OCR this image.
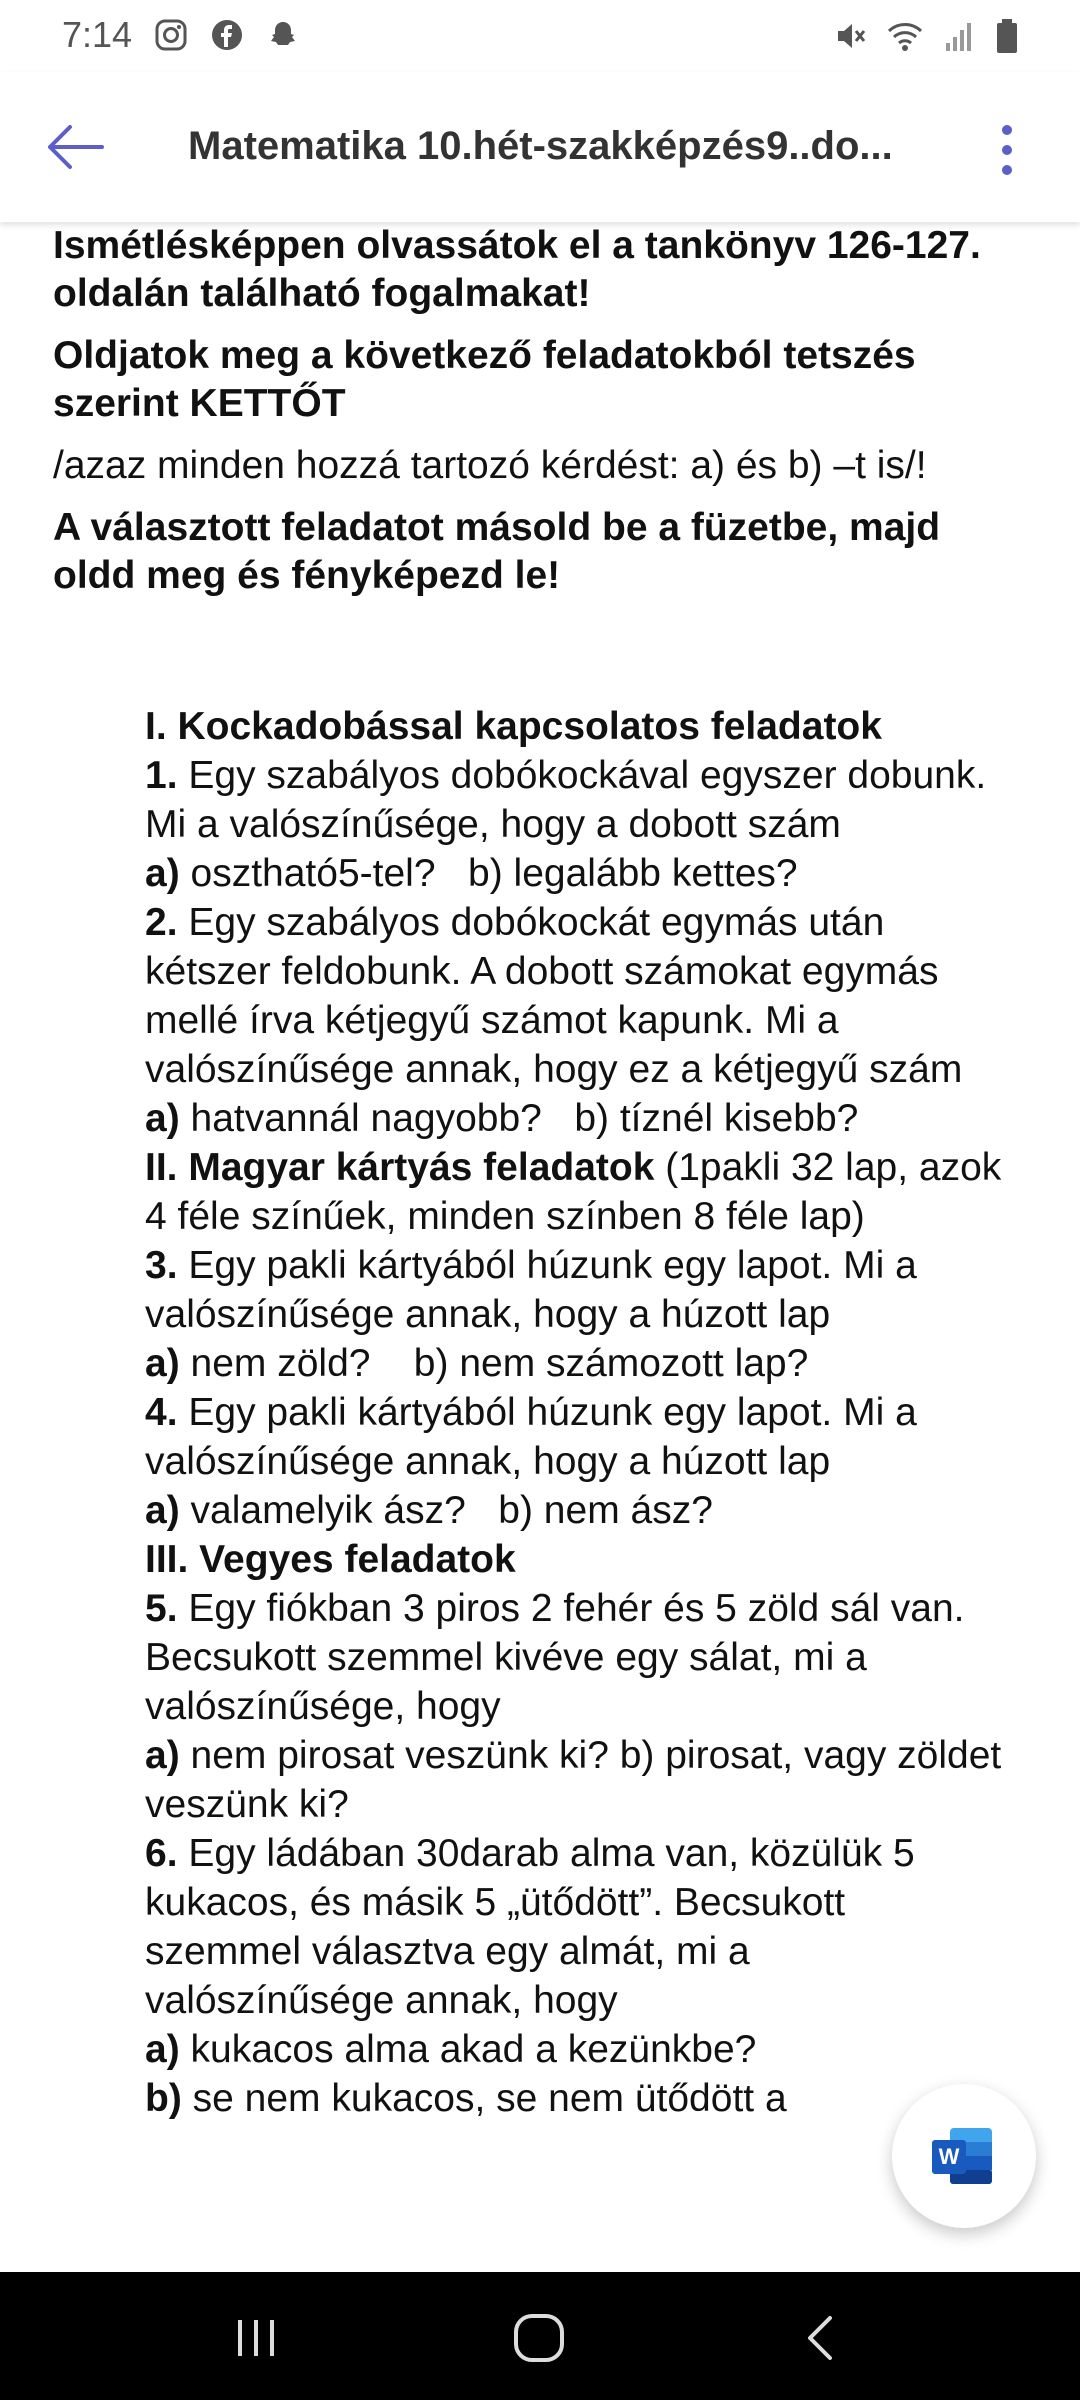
7:14
Matematika 10.hét-szakképzés9..do...

Ismétlésképpen olvassátok el a tankönyv 126-127. oldalán található fogalmakat!

Oldjatok meg a következő feladatokból tetszés szerint KETTŐT

/azaz minden hozzá tartozó kérdést: a) és b) –t is/!

A választott feladatot másold be a füzetbe, majd oldd meg és fényképezd le!

I. Kockadobással kapcsolatos feladatok
1. Egy szabályos dobókockával egyszer dobunk. Mi a valószínűsége, hogy a dobott szám
a) osztható5-tel?   b) legalább kettes?
2. Egy szabályos dobókockát egymás után kétszer feldobunk. A dobott számokat egymás mellé írva kétjegyű számot kapunk. Mi a valószínűsége annak, hogy ez a kétjegyű szám
a) hatvannál nagyobb?   b) tíznél kisebb?
II. Magyar kártyás feladatok (1pakli 32 lap, azok 4 féle színűek, minden színben 8 féle lap)
3. Egy pakli kártyából húzunk egy lapot. Mi a valószínűsége annak, hogy a húzott lap
a) nem zöld?    b) nem számozott lap?
4. Egy pakli kártyából húzunk egy lapot. Mi a valószínűsége annak, hogy a húzott lap
a) valamelyik ász?   b) nem ász?
III. Vegyes feladatok
5. Egy fiókban 3 piros 2 fehér és 5 zöld sál van. Becsukott szemmel kivéve egy sálat, mi a valószínűsége, hogy
a) nem pirosat veszünk ki? b) pirosat, vagy zöldet veszünk ki?
6. Egy ládában 30darab alma van, közülük 5 kukacos, és másik 5 „ütődött”. Becsukott szemmel választva egy almát, mi a valószínűsége annak, hogy
a) kukacos alma akad a kezünkbe?
b) se nem kukacos, se nem ütődött a
W
